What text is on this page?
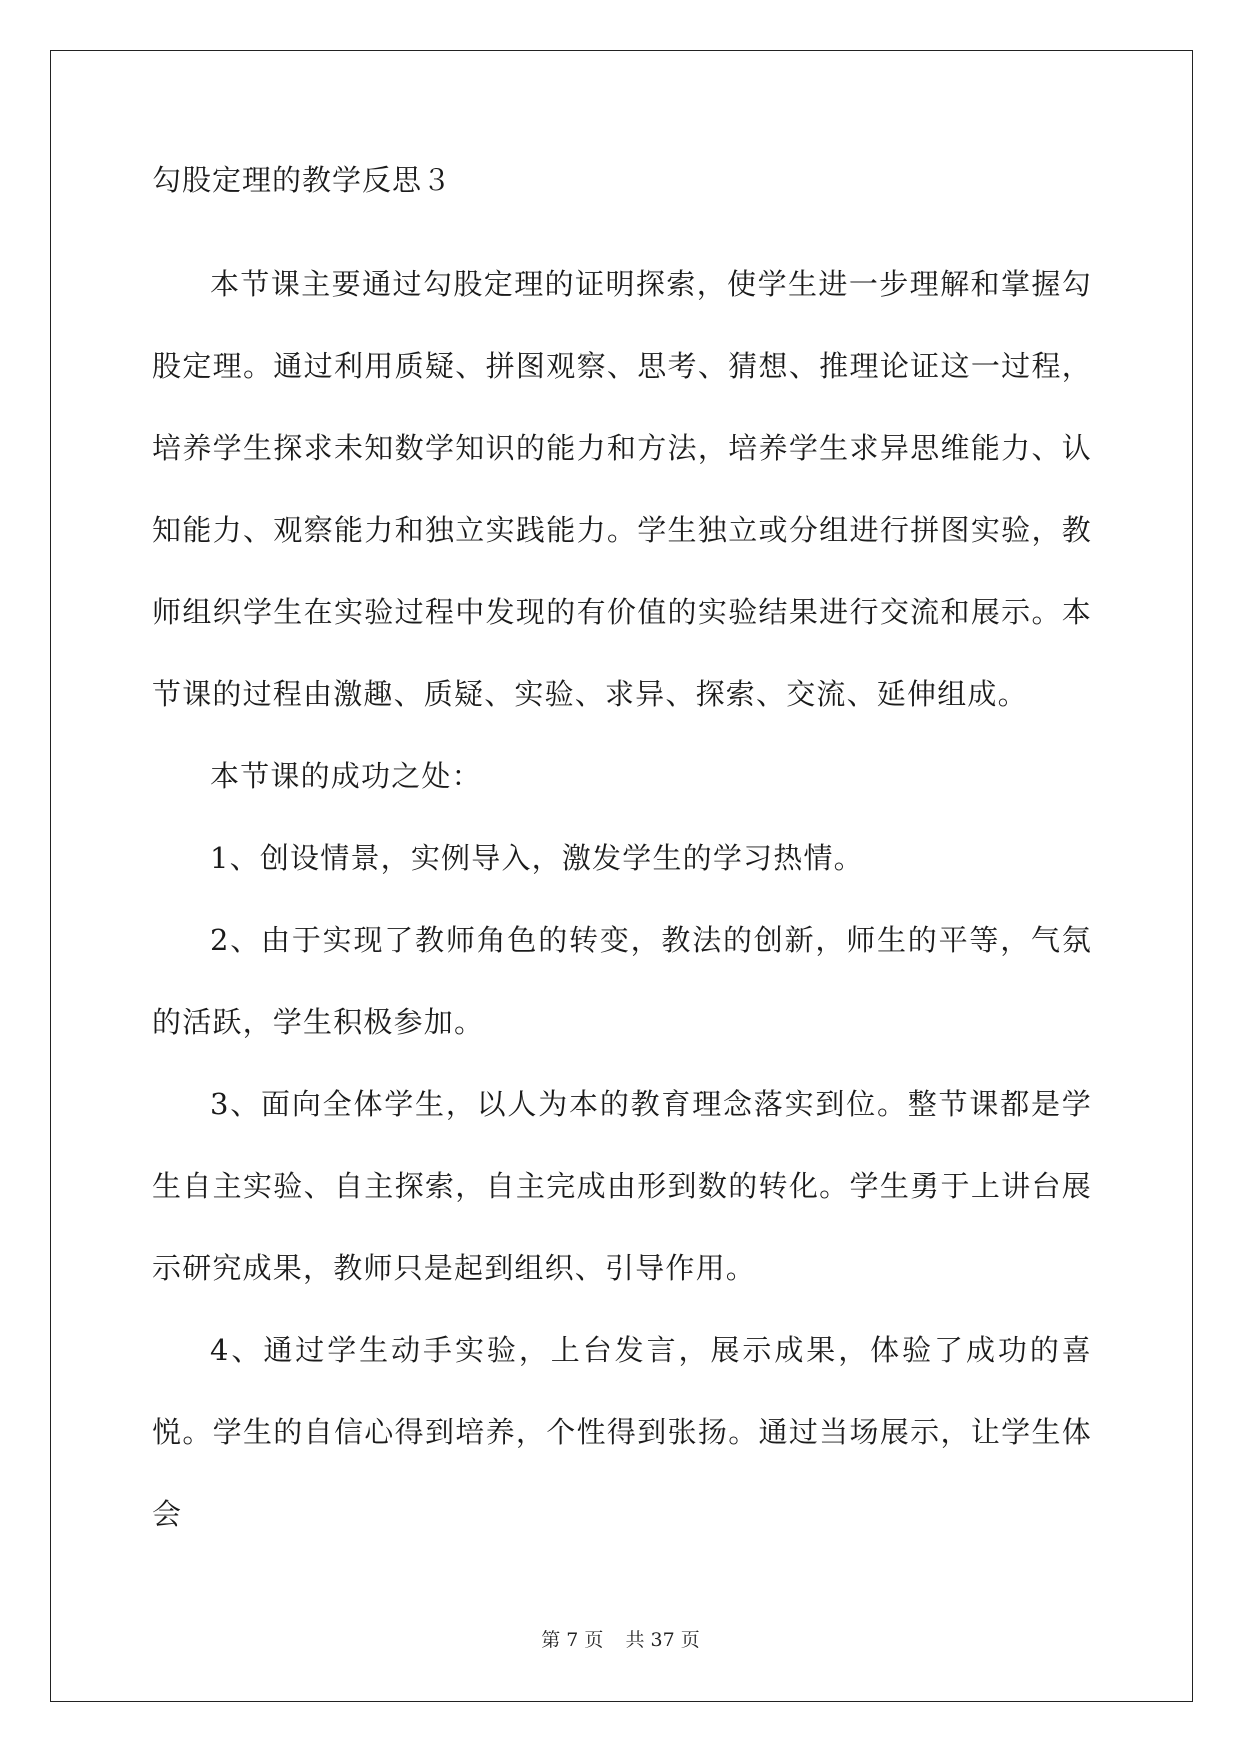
勾股定理的教学反思３

本节课主要通过勾股定理的证明探索，使学生进一步理解和掌握勾股定理。通过利用质疑、拼图观察、思考、猜想、推理论证这一过程，培养学生探求未知数学知识的能力和方法，培养学生求异思维能力、认知能力、观察能力和独立实践能力。学生独立或分组进行拼图实验，教师组织学生在实验过程中发现的有价值的实验结果进行交流和展示。本节课的过程由激趣、质疑、实验、求异、探索、交流、延伸组成。

本节课的成功之处：

1、创设情景，实例导入，激发学生的学习热情。

2、由于实现了教师角色的转变，教法的创新，师生的平等，气氛的活跃，学生积极参加。

3、面向全体学生，以人为本的教育理念落实到位。整节课都是学生自主实验、自主探索，自主完成由形到数的转化。学生勇于上讲台展示研究成果，教师只是起到组织、引导作用。

4、通过学生动手实验，上台发言，展示成果，体验了成功的喜悦。学生的自信心得到培养，个性得到张扬。通过当场展示，让学生体会

第 7 页 共 37 页
